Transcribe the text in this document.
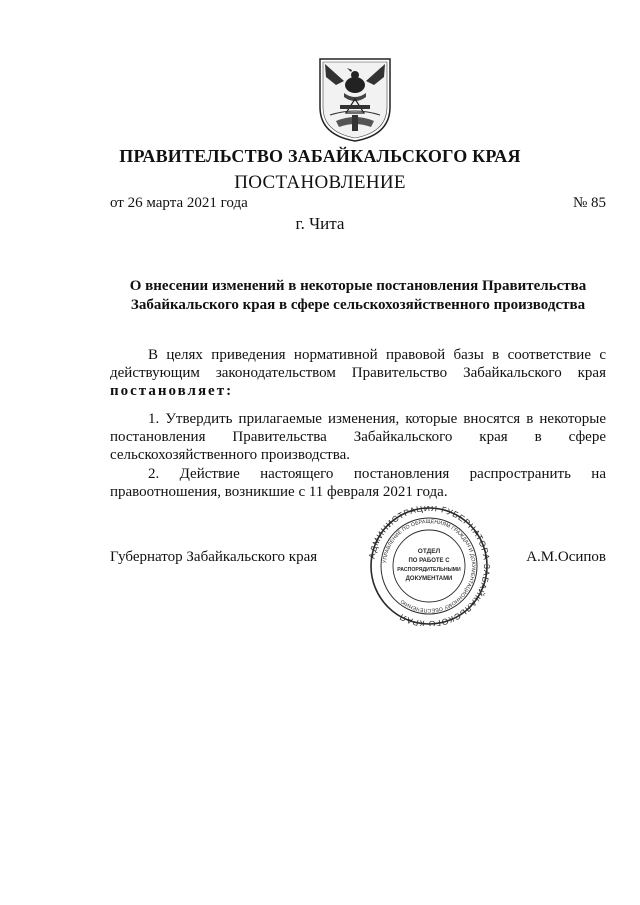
ПРАВИТЕЛЬСТВО ЗАБАЙКАЛЬСКОГО КРАЯ
ПОСТАНОВЛЕНИЕ
от 26 марта 2021 года	№ 85
г. Чита
О внесении изменений в некоторые постановления Правительства
Забайкальского края в сфере сельскохозяйственного производства
В целях приведения нормативной правовой базы в соответствие с действующим законодательством Правительство Забайкальского края постановляет:
1. Утвердить прилагаемые изменения, которые вносятся в некоторые постановления Правительства Забайкальского края в сфере сельскохозяйственного производства.
2. Действие настоящего постановления распространить на правоотношения, возникшие с 11 февраля 2021 года.
Губернатор Забайкальского края	А.М.Осипов
АДМИНИСТРАЦИЯ ГУБЕРНАТОРА ЗАБАЙКАЛЬСКОГО КРАЯ
УПРАВЛЕНИЕ ПО ОБРАЩЕНИЯМ ГРАЖДАН И ДОКУМЕНТАЦИОННОМУ ОБЕСПЕЧЕНИЮ
ОТДЕЛ
ПО РАБОТЕ С
РАСПОРЯДИТЕЛЬНЫМИ
ДОКУМЕНТАМИ
